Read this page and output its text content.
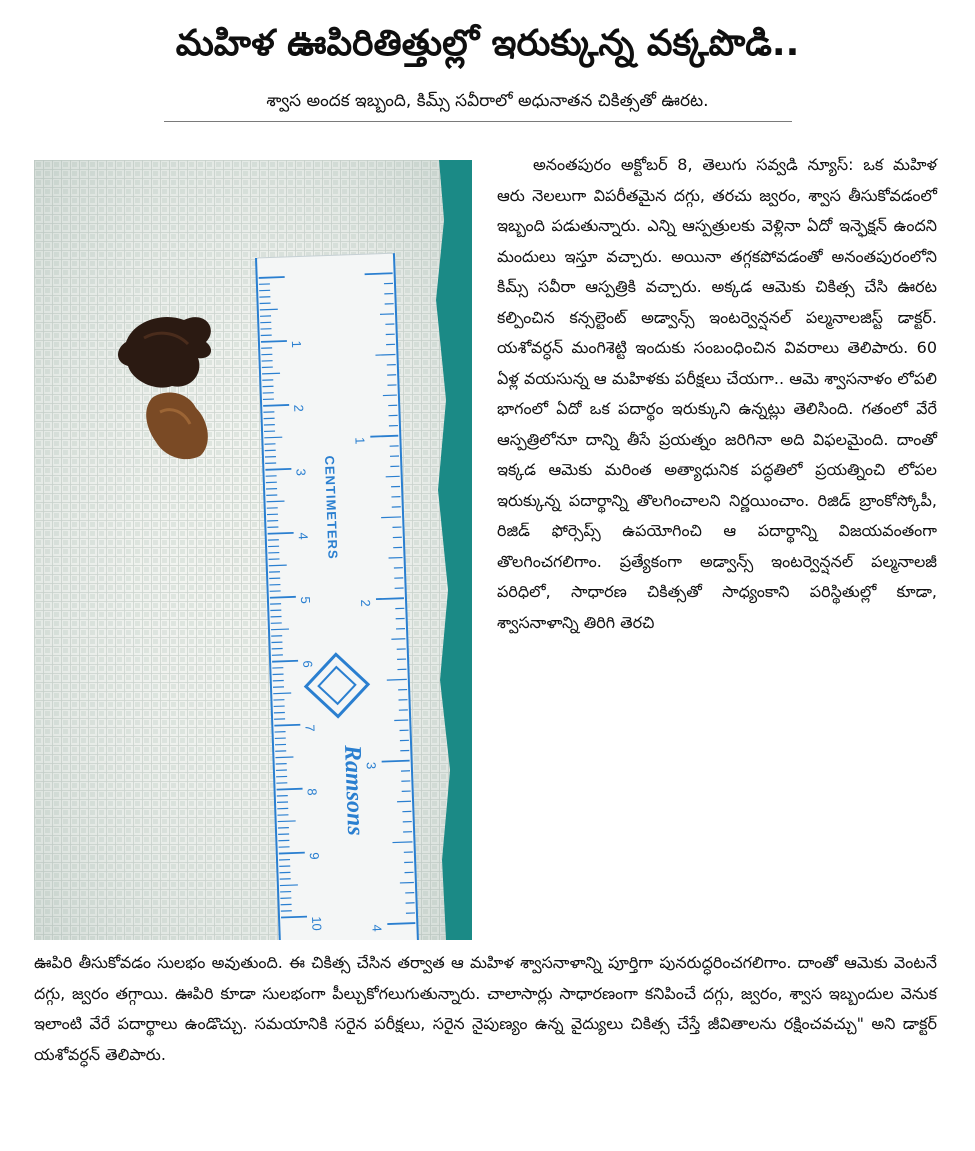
మహిళ ఊపిరితిత్తుల్లో ఇరుక్కున్న వక్కపొడి..
శ్వాస అందక ఇబ్బంది, కిమ్స్ సవీరాలో అధునాతన చికిత్సతో ఊరట.
1
2
3
4
5
6
7
8
9
10
1
2
3
4
CENTIMETERS
Ramsons

అనంతపురం అక్టోబర్ 8, తెలుగు సవ్వడి న్యూస్: ఒక మహిళ ఆరు నెలలుగా విపరీతమైన దగ్గు, తరచు జ్వరం, శ్వాస తీసుకోవడంలో ఇబ్బంది పడుతున్నారు. ఎన్ని ఆస్పత్రులకు వెళ్లినా ఏదో ఇన్ఫెక్షన్ ఉందని మందులు ఇస్తూ వచ్చారు. అయినా తగ్గకపోవడంతో అనంతపురంలోని కిమ్స్ సవీరా ఆస్పత్రికి వచ్చారు. అక్కడ ఆమెకు చికిత్స చేసి ఊరట కల్పించిన కన్సల్టెంట్ అడ్వాన్స్ ఇంటర్వెన్షనల్ పల్మనాలజిస్ట్ డాక్టర్. యశోవర్ధన్ మంగిశెట్టి ఇందుకు సంబంధించిన వివరాలు తెలిపారు. 60 ఏళ్ల వయసున్న ఆ మహిళకు పరీక్షలు చేయగా.. ఆమె శ్వాసనాళం లోపలి భాగంలో ఏదో ఒక పదార్థం ఇరుక్కుని ఉన్నట్లు తెలిసింది. గతంలో వేరే ఆస్పత్రిలోనూ దాన్ని తీసే ప్రయత్నం జరిగినా అది విఫలమైంది. దాంతో ఇక్కడ ఆమెకు మరింత అత్యాధునిక పద్ధతిలో ప్రయత్నించి లోపల ఇరుక్కున్న పదార్థాన్ని తొలగించాలని నిర్ణయించాం. రిజిడ్ బ్రాంకోస్కోపీ, రిజిడ్ ఫోర్సెప్స్ ఉపయోగించి ఆ పదార్థాన్ని విజయవంతంగా తొలగించగలిగాం. ప్రత్యేకంగా అడ్వాన్స్ ఇంటర్వెన్షనల్ పల్మనాలజీ పరిధిలో, సాధారణ చికిత్సతో సాధ్యంకాని పరిస్థితుల్లో కూడా, శ్వాసనాళాన్ని తిరిగి తెరచి

ఊపిరి తీసుకోవడం సులభం అవుతుంది. ఈ చికిత్స చేసిన తర్వాత ఆ మహిళ శ్వాసనాళాన్ని పూర్తిగా పునరుద్ధరించగలిగాం. దాంతో ఆమెకు వెంటనే దగ్గు, జ్వరం తగ్గాయి. ఊపిరి కూడా సులభంగా పీల్చుకోగలుగుతున్నారు. చాలాసార్లు సాధారణంగా కనిపించే దగ్గు, జ్వరం, శ్వాస ఇబ్బందుల వెనుక ఇలాంటి వేరే పదార్థాలు ఉండొచ్చు. సమయానికి సరైన పరీక్షలు, సరైన నైపుణ్యం ఉన్న వైద్యులు చికిత్స చేస్తే జీవితాలను రక్షించవచ్చు" అని డాక్టర్ యశోవర్ధన్ తెలిపారు.
